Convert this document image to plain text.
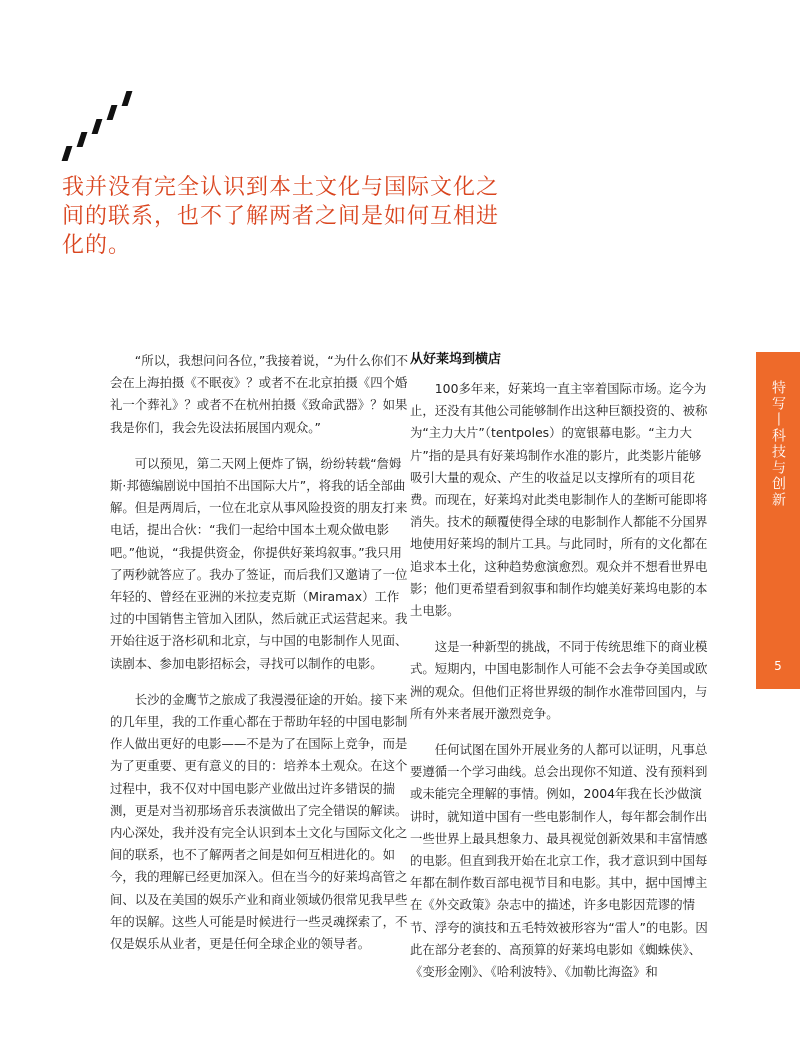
我并没有完全认识到本土文化与国际文化之间的联系，也不了解两者之间是如何互相进化的。

“所以，我想问问各位，”我接着说，“为什么你们不会在上海拍摄《不眠夜》？或者不在北京拍摄《四个婚礼一个葬礼》？或者不在杭州拍摄《致命武器》？如果我是你们，我会先设法拓展国内观众。”

可以预见，第二天网上便炸了锅，纷纷转载“詹姆斯·邦德编剧说中国拍不出国际大片”，将我的话全部曲解。但是两周后，一位在北京从事风险投资的朋友打来电话，提出合伙：“我们一起给中国本土观众做电影吧。”他说，“我提供资金，你提供好莱坞叙事。”我只用了两秒就答应了。我办了签证，而后我们又邀请了一位年轻的、曾经在亚洲的米拉麦克斯（Miramax）工作过的中国销售主管加入团队，然后就正式运营起来。我开始往返于洛杉矶和北京，与中国的电影制作人见面、读剧本、参加电影招标会，寻找可以制作的电影。

长沙的金鹰节之旅成了我漫漫征途的开始。接下来的几年里，我的工作重心都在于帮助年轻的中国电影制作人做出更好的电影——不是为了在国际上竞争，而是为了更重要、更有意义的目的：培养本土观众。在这个过程中，我不仅对中国电影产业做出过许多错误的揣测，更是对当初那场音乐表演做出了完全错误的解读。内心深处，我并没有完全认识到本土文化与国际文化之间的联系，也不了解两者之间是如何互相进化的。如今，我的理解已经更加深入。但在当今的好莱坞高管之间、以及在美国的娱乐产业和商业领域仍很常见我早些年的误解。这些人可能是时候进行一些灵魂探索了，不仅是娱乐从业者，更是任何全球企业的领导者。

从好莱坞到横店

100多年来，好莱坞一直主宰着国际市场。迄今为止，还没有其他公司能够制作出这种巨额投资的、被称为“主力大片”（tentpoles）的宽银幕电影。“主力大片”指的是具有好莱坞制作水准的影片，此类影片能够吸引大量的观众、产生的收益足以支撑所有的项目花费。而现在，好莱坞对此类电影制作人的垄断可能即将消失。技术的颠覆使得全球的电影制作人都能不分国界地使用好莱坞的制片工具。与此同时，所有的文化都在追求本土化，这种趋势愈演愈烈。观众并不想看世界电影；他们更希望看到叙事和制作均媲美好莱坞电影的本土电影。

这是一种新型的挑战，不同于传统思维下的商业模式。短期内，中国电影制作人可能不会去争夺美国或欧洲的观众。但他们正将世界级的制作水准带回国内，与所有外来者展开激烈竞争。

任何试图在国外开展业务的人都可以证明，凡事总要遵循一个学习曲线。总会出现你不知道、没有预料到或未能完全理解的事情。例如，2004年我在长沙做演讲时，就知道中国有一些电影制作人，每年都会制作出一些世界上最具想象力、最具视觉创新效果和丰富情感的电影。但直到我开始在北京工作，我才意识到中国每年都在制作数百部电视节目和电影。其中，据中国博主在《外交政策》杂志中的描述，许多电影因荒谬的情节、浮夸的演技和五毛特效被形容为“雷人”的电影。因此在部分老套的、高预算的好莱坞电影如《蜘蛛侠》、《变形金刚》、《哈利波特》、《加勒比海盗》和

特写丨科技与创新
5
